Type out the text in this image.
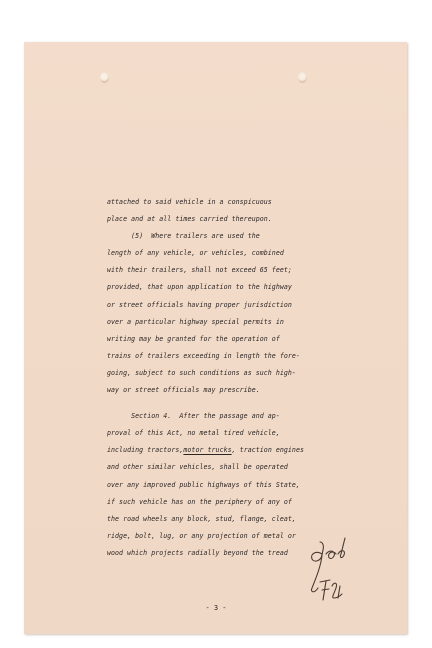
attached to said vehicle in a conspicuous
place and at all times carried thereupon.
(5)  Where trailers are used the
length of any vehicle, or vehicles, combined
with their trailers, shall not exceed 65 feet;
provided, that upon application to the highway
or street officials having proper jurisdiction
over a particular highway special permits in
writing may be granted for the operation of
trains of trailers exceeding in length the fore-
going, subject to such conditions as such high-
way or street officials may prescribe.
Section 4.  After the passage and ap-
proval of this Act, no metal tired vehicle,
including tractors,motor trucks, traction engines
and other similar vehicles, shall be operated
over any improved public highways of this State,
if such vehicle has on the periphery of any of
the road wheels any block, stud, flange, cleat,
ridge, bolt, lug, or any projection of metal or
wood which projects radially beyond the tread
- 3 -
